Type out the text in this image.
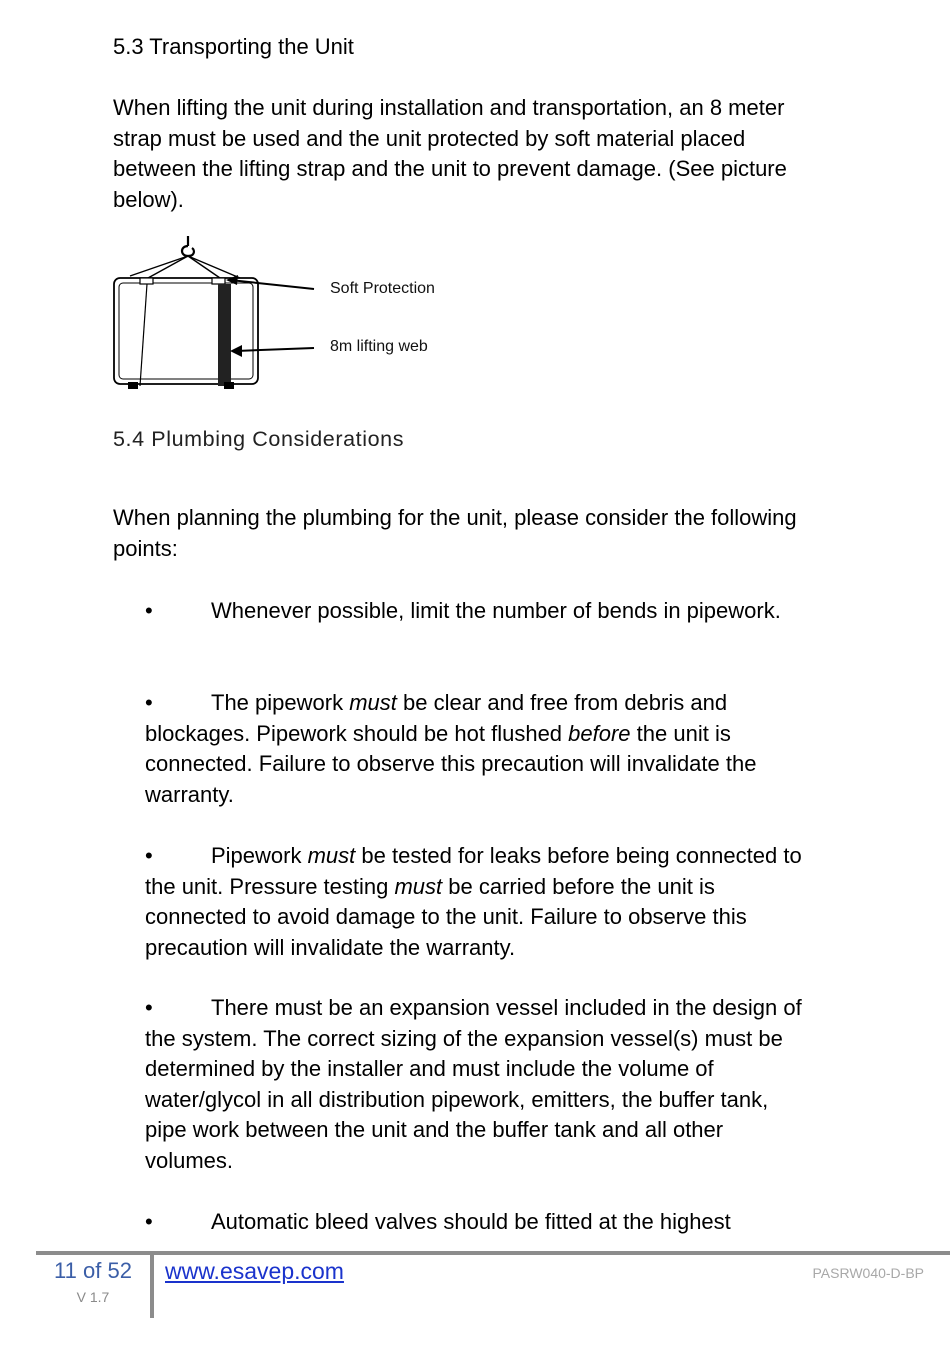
5.3 Transporting the Unit
When lifting the unit during installation and transportation, an 8 meter strap must be used and the unit protected by soft material placed between the lifting strap and the unit to prevent damage. (See picture below).
Soft Protection
8m lifting web
5.4 Plumbing Considerations
When planning the plumbing for the unit, please consider the following points:
•	Whenever possible, limit the number of bends in pipework.
•	The pipework must be clear and free from debris and blockages. Pipework should be hot flushed before the unit is connected. Failure to observe this precaution will invalidate the warranty.
•	Pipework must be tested for leaks before being connected to the unit. Pressure testing must be carried before the unit is connected to avoid damage to the unit. Failure to observe this precaution will invalidate the warranty.
•	There must be an expansion vessel included in the design of the system. The correct sizing of the expansion vessel(s) must be determined by the installer and must include the volume of water/glycol in all distribution pipework, emitters, the buffer tank, pipe work between the unit and the buffer tank and all other volumes.
•	Automatic bleed valves should be fitted at the highest
11 of 52
V 1.7
www.esavep.com	PASRW040-D-BP
